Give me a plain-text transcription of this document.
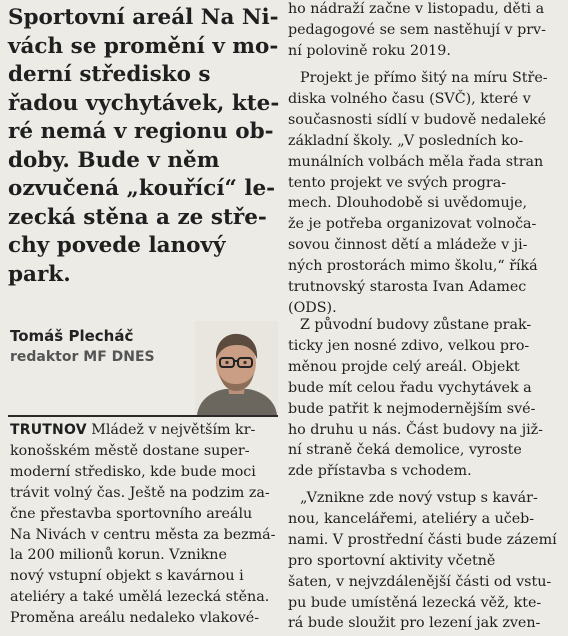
Sportovní areál Na Ni-
vách se promění v mo-
derní středisko s
řadou vychytávek, kte-
ré nemá v regionu ob-
doby. Bude v něm
ozvučená „kouřící“ le-
zecká stěna a ze stře-
chy povede lanový
park.
Tomáš Plecháč
redaktor MF DNES
TRUTNOV Mládež v největším kr-
konošském městě dostane super-
moderní středisko, kde bude moci
trávit volný čas. Ještě na podzim za-
čne přestavba sportovního areálu
Na Nivách v centru města za bezmá-
la 200 milionů korun. Vznikne
nový vstupní objekt s kavárnou i
ateliéry a také umělá lezecká stěna.
Proměna areálu nedaleko vlakové-
ho nádraží začne v listopadu, děti a
pedagogové se sem nastěhují v prv-
ní polovině roku 2019.
Projekt je přímo šitý na míru Stře-
diska volného času (SVČ), které v
současnosti sídlí v budově nedaleké
základní školy. „V posledních ko-
munálních volbách měla řada stran
tento projekt ve svých progra-
mech. Dlouhodobě si uvědomuje,
že je potřeba organizovat volnoča-
sovou činnost dětí a mládeže v ji-
ných prostorách mimo školu,“ říká
trutnovský starosta Ivan Adamec
(ODS).
Z původní budovy zůstane prak-
ticky jen nosné zdivo, velkou pro-
měnou projde celý areál. Objekt
bude mít celou řadu vychytávek a
bude patřit k nejmodernějším své-
ho druhu u nás. Část budovy na již-
ní straně čeká demolice, vyroste
zde přístavba s vchodem.
„Vznikne zde nový vstup s kavár-
nou, kancelářemi, ateliéry a učeb-
nami. V prostřední části bude zázemí
pro sportovní aktivity včetně
šaten, v nejvzdálenější části od vstu-
pu bude umístěná lezecká věž, kte-
rá bude sloužit pro lezení jak zven-
